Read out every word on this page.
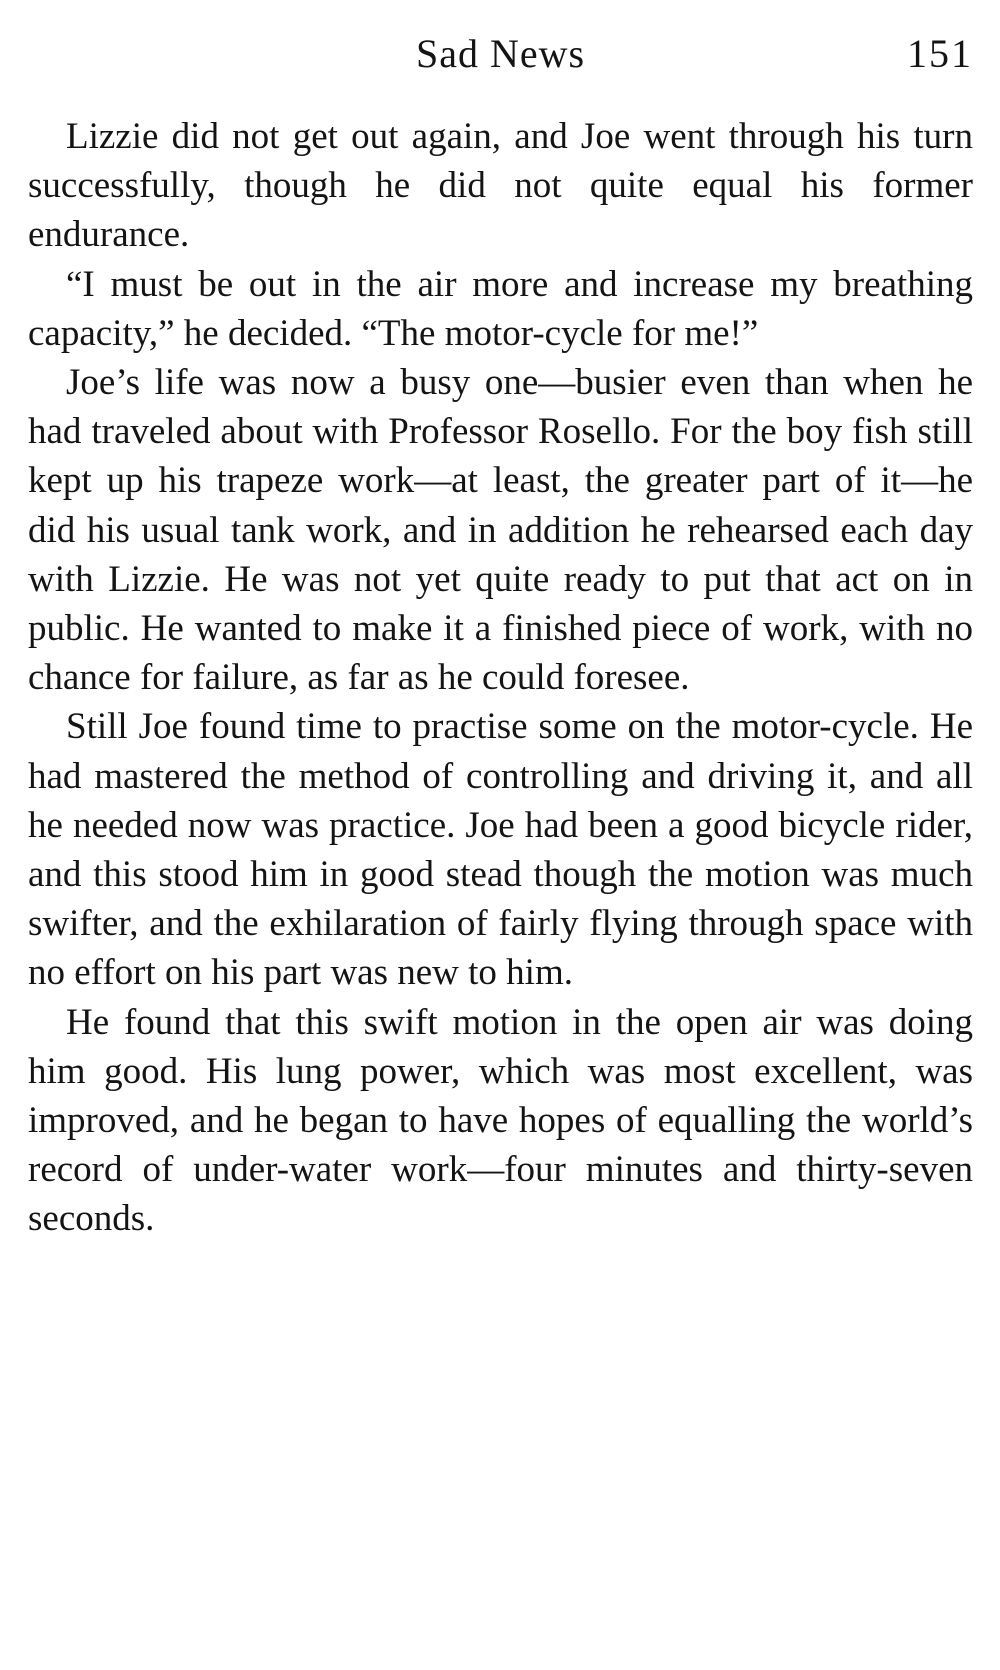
Sad News	151

Lizzie did not get out again, and Joe went through his turn successfully, though he did not quite equal his former endurance.

“I must be out in the air more and increase my breathing capacity,” he decided. “The motor-cycle for me!”

Joe’s life was now a busy one—busier even than when he had traveled about with Professor Rosello. For the boy fish still kept up his trapeze work—at least, the greater part of it—he did his usual tank work, and in addition he rehearsed each day with Lizzie. He was not yet quite ready to put that act on in public. He wanted to make it a finished piece of work, with no chance for failure, as far as he could foresee.

Still Joe found time to practise some on the motor-cycle. He had mastered the method of controlling and driving it, and all he needed now was practice. Joe had been a good bicycle rider, and this stood him in good stead though the motion was much swifter, and the exhilaration of fairly flying through space with no effort on his part was new to him.

He found that this swift motion in the open air was doing him good. His lung power, which was most excellent, was improved, and he began to have hopes of equalling the world’s record of under-water work—four minutes and thirty-seven seconds.
